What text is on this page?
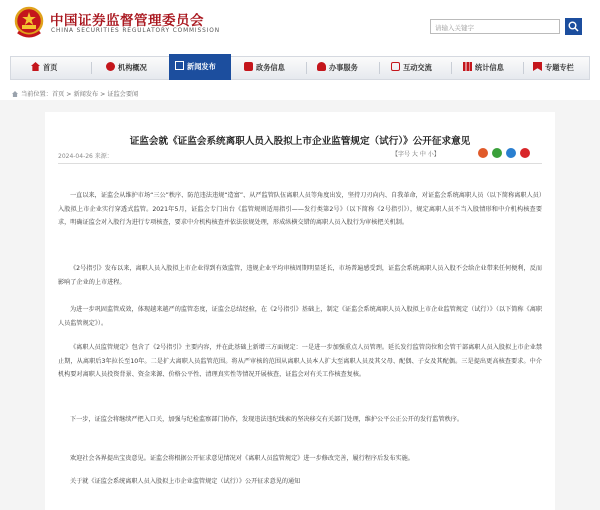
中国证券监督管理委员会
CHINA SECURITIES REGULATORY COMMISSION	请输入关键字
首页	机构概况	新闻发布	政务信息	办事服务	互动交流	统计信息	专题专栏
当前位置：首页 > 新闻发布 > 证监会要闻
证监会就《证监会系统离职人员入股拟上市企业监管规定（试行）》公开征求意见
2024-04-26 来源：	【字号 大 中 小】

一直以来，证监会从维护市场“三公”秩序、防范违法违规“造富”、从严监管队伍离职人员等角度出发，坚持刀刃向内、自我革命，对证监会系统离职人员（以下简称离职人员）入股拟上市企业实行穿透式监管。2021年5月，证监会专门出台《监管规则适用指引——发行类第2号》（以下简称《2号指引》），规定离职人员不当入股情形和中介机构核查要求，明确证监会对入股行为进行专项核查，要求中介机构核查并依法依规处理，形成纵横交错的离职人员入股行为审核把关机制。

《2号指引》发布以来，离职人员入股拟上市企业得到有效监管，违规企业平均审核周期明显延长，市场普遍感受到，证监会系统离职人员入股不会给企业带来任何便利，反而影响了企业的上市进程。

为进一步巩固监管成效，体现越来越严的监管态度，证监会总结经验，在《2号指引》基础上，制定《证监会系统离职人员入股拟上市企业监管规定（试行）》（以下简称《离职人员监管规定》）。

《离职人员监管规定》包含了《2号指引》主要内容，并在此基础上新增三方面规定：一是进一步加强重点人员管理。延长发行监管岗位和会管干部离职人员入股拟上市企业禁止期，从离职后3年拉长至10年。二是扩大离职人员监管范围。将从严审核的范围从离职人员本人扩大至离职人员及其父母、配偶、子女及其配偶。三是提出更高核查要求。中介机构要对离职人员投资背景、资金来源、价格公平性、清理真实性等情况开展核查，证监会对有关工作核查复核。

下一步，证监会将继续严把入口关，加强与纪检监察部门协作，发现违法违纪线索的坚决移交有关部门处理，维护公平公正公开的发行监管秩序。

欢迎社会各界提出宝贵意见。证监会将根据公开征求意见情况对《离职人员监管规定》进一步修改完善，履行程序后发布实施。

关于就《证监会系统离职人员入股拟上市企业监管规定（试行）》公开征求意见的通知
